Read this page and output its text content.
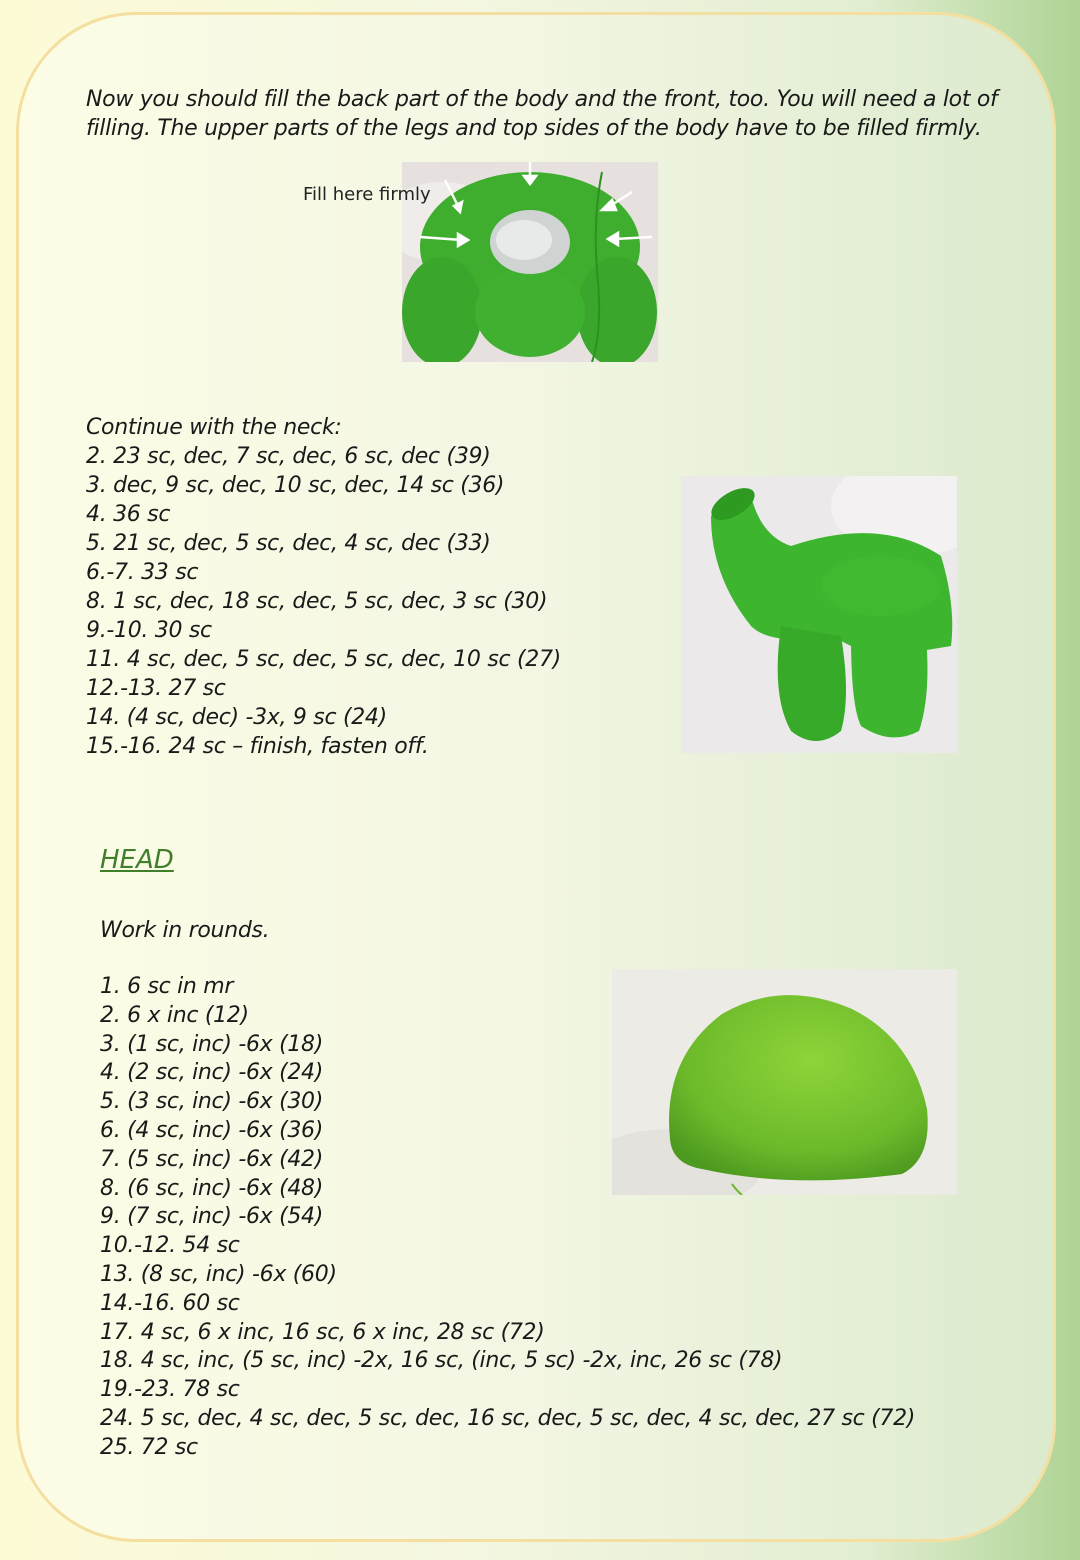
Now you should fill the back part of the body and the front, too. You will need a lot of
filling. The upper parts of the legs and top sides of the body have to be filled firmly.
Fill here firmly
Continue with the neck:
2. 23 sc, dec, 7 sc, dec, 6 sc, dec (39)
3. dec, 9 sc, dec, 10 sc, dec, 14 sc (36)
4. 36 sc
5. 21 sc, dec, 5 sc, dec, 4 sc, dec (33)
6.-7. 33 sc
8. 1 sc, dec, 18 sc, dec, 5 sc, dec, 3 sc (30)
9.-10. 30 sc
11. 4 sc, dec, 5 sc, dec, 5 sc, dec, 10 sc (27)
12.-13. 27 sc
14. (4 sc, dec) -3x, 9 sc (24)
15.-16. 24 sc – finish, fasten off.
HEAD
Work in rounds.
1. 6 sc in mr
2. 6 x inc (12)
3. (1 sc, inc) -6x (18)
4. (2 sc, inc) -6x (24)
5. (3 sc, inc) -6x (30)
6. (4 sc, inc) -6x (36)
7. (5 sc, inc) -6x (42)
8. (6 sc, inc) -6x (48)
9. (7 sc, inc) -6x (54)
10.-12. 54 sc
13. (8 sc, inc) -6x (60)
14.-16. 60 sc
17. 4 sc, 6 x inc, 16 sc, 6 x inc, 28 sc (72)
18. 4 sc, inc, (5 sc, inc) -2x, 16 sc, (inc, 5 sc) -2x, inc, 26 sc (78)
19.-23. 78 sc
24. 5 sc, dec, 4 sc, dec, 5 sc, dec, 16 sc, dec, 5 sc, dec, 4 sc, dec, 27 sc (72)
25. 72 sc
